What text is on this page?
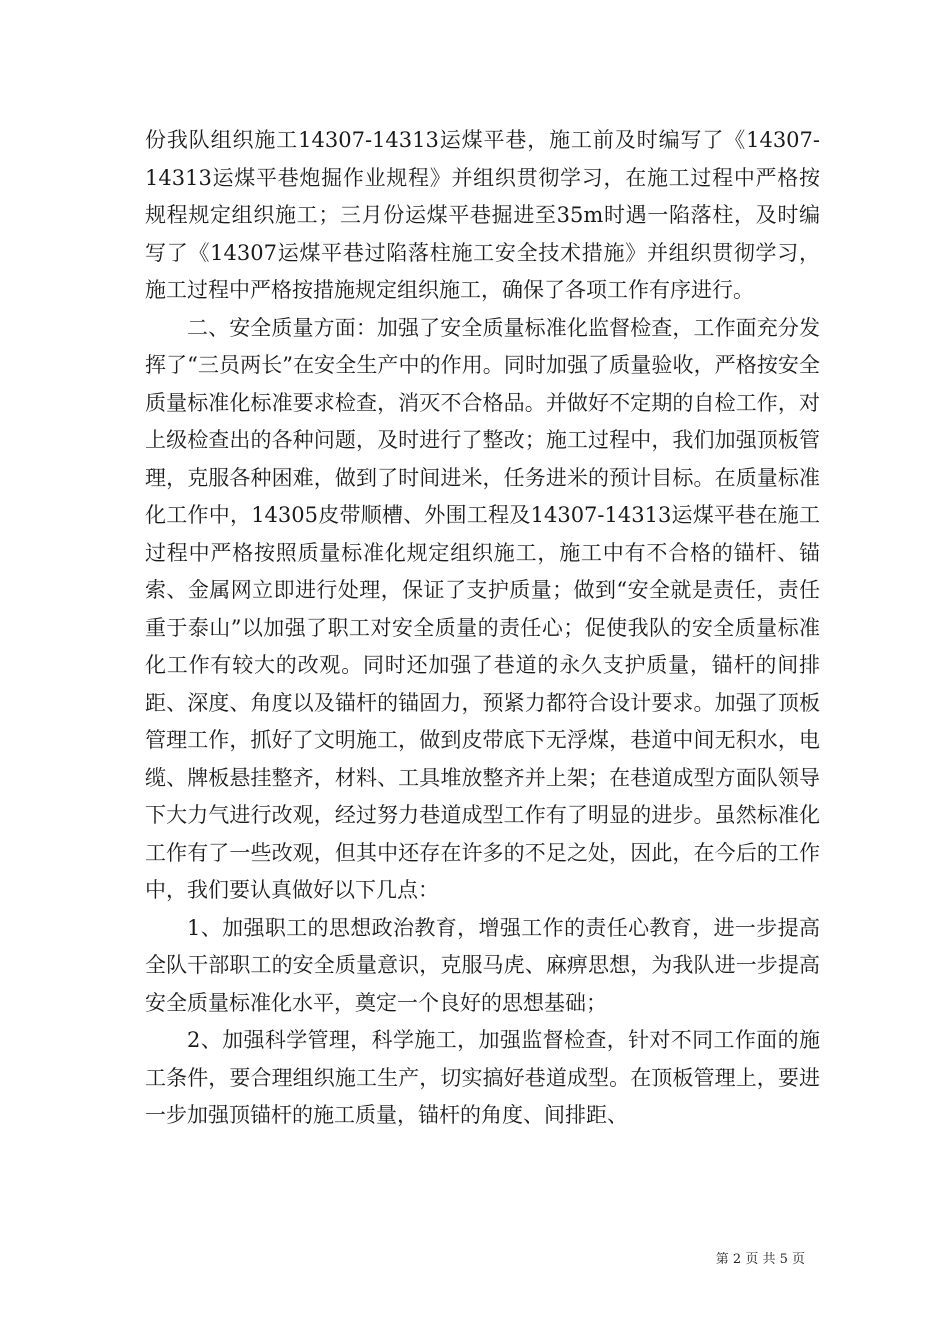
份我队组织施工14307-14313运煤平巷，施工前及时编写了《14307-14313运煤平巷炮掘作业规程》并组织贯彻学习，在施工过程中严格按规程规定组织施工；三月份运煤平巷掘进至35m时遇一陷落柱，及时编写了《14307运煤平巷过陷落柱施工安全技术措施》并组织贯彻学习，施工过程中严格按措施规定组织施工，确保了各项工作有序进行。

二、安全质量方面：加强了安全质量标准化监督检查，工作面充分发挥了“三员两长”在安全生产中的作用。同时加强了质量验收，严格按安全质量标准化标准要求检查，消灭不合格品。并做好不定期的自检工作，对上级检查出的各种问题，及时进行了整改；施工过程中，我们加强顶板管理，克服各种困难，做到了时间进米，任务进米的预计目标。在质量标准化工作中，14305皮带顺槽、外围工程及14307-14313运煤平巷在施工过程中严格按照质量标准化规定组织施工，施工中有不合格的锚杆、锚索、金属网立即进行处理，保证了支护质量；做到“安全就是责任，责任重于泰山”以加强了职工对安全质量的责任心；促使我队的安全质量标准化工作有较大的改观。同时还加强了巷道的永久支护质量，锚杆的间排距、深度、角度以及锚杆的锚固力，预紧力都符合设计要求。加强了顶板管理工作，抓好了文明施工，做到皮带底下无浮煤，巷道中间无积水，电缆、牌板悬挂整齐，材料、工具堆放整齐并上架；在巷道成型方面队领导下大力气进行改观，经过努力巷道成型工作有了明显的进步。虽然标准化工作有了一些改观，但其中还存在许多的不足之处，因此，在今后的工作中，我们要认真做好以下几点：

1、加强职工的思想政治教育，增强工作的责任心教育，进一步提高全队干部职工的安全质量意识，克服马虎、麻痹思想，为我队进一步提高安全质量标准化水平，奠定一个良好的思想基础；

2、加强科学管理，科学施工，加强监督检查，针对不同工作面的施工条件，要合理组织施工生产，切实搞好巷道成型。在顶板管理上，要进一步加强顶锚杆的施工质量，锚杆的角度、间排距、

第 2 页 共 5 页
